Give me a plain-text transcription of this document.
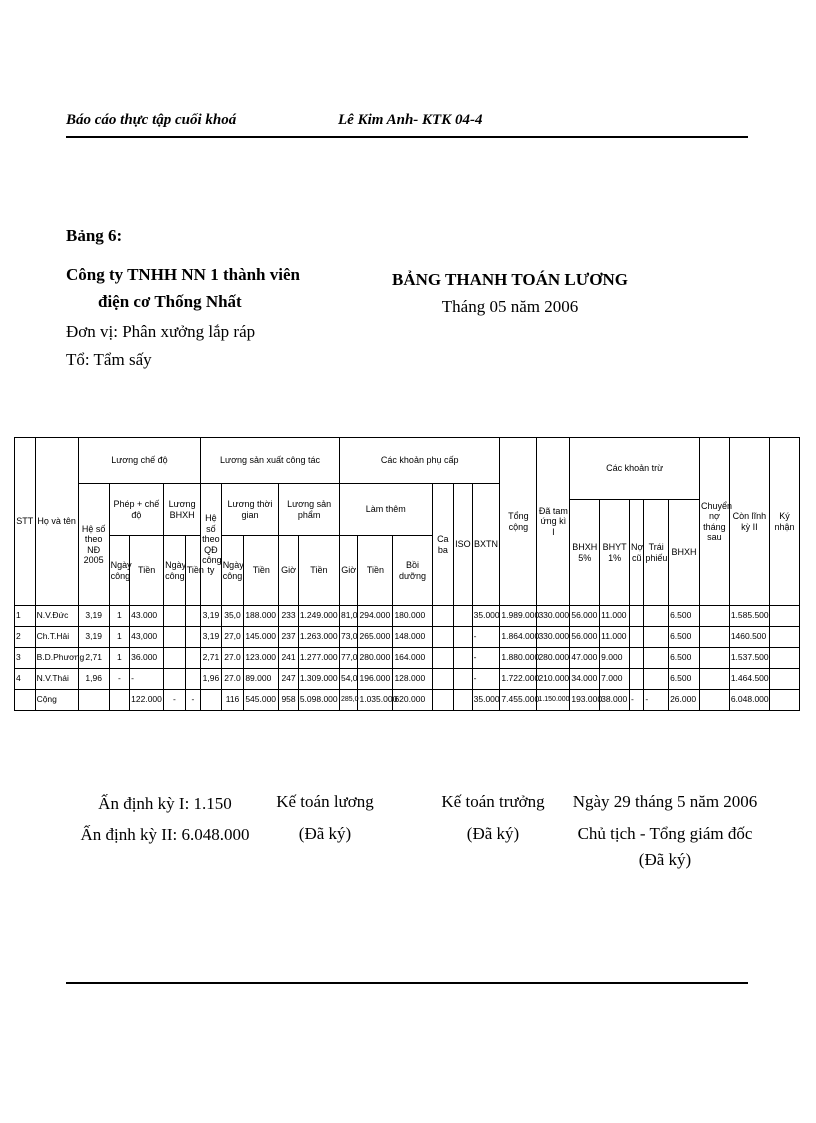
Báo cáo thực tập cuối khoá	Lê Kim Anh- KTK 04-4
Bảng 6:
Công ty TNHH NN 1 thành viên
điện cơ Thống Nhất
Đơn vị: Phân xưởng lắp ráp
Tổ: Tẩm sấy
BẢNG THANH TOÁN LƯƠNG
Tháng 05 năm 2006
STT	Họ và tên	Lương chế độ					Lương sản xuất công tác					Các khoản phụ cấp						Tổng cộng	Đã tam ứng kì I	Các khoản trừ					Chuyển nợ tháng sau	Còn lĩnh kỳ II	Ký nhận
		Hệ số theo NĐ 2005	Phép + chế độ		Lương BHXH		Hệ số theo QĐ công ty	Lương thời gian		Lương sản phẩm		Làm thêm			Ca ba	ISO	BXTN										
																				BHXH 5%	BHYT 1%	Nợ cũ	Trái phiếu	BHXH			
			Ngày công	Tiền	Ngày công	Tiền		Ngày công	Tiền	Giờ	Tiền	Giờ	Tiền	Bồi dưỡng													
1	N.V.Đức	3,19	1	43.000			3,19	35,0	188.000	233	1.249.000	81,0	294.000	180.000			35.000	1.989.000	330.000	56.000	11.000			6.500		1.585.500	
2	Ch.T.Hải	3,19	1	43,000			3,19	27,0	145.000	237	1.263.000	73,0	265.000	148.000			-	1.864.000	330.000	56.000	11.000			6.500		1460.500	
3	B.D.Phương	2,71	1	36.000			2,71	27.0	123.000	241	1.277.000	77,0	280.000	164.000			-	1.880.000	280.000	47.000	9.000			6.500		1.537.500	
4	N.V.Thái	1,96	-	-			1,96	27.0	89.000	247	1.309.000	54,0	196.000	128.000			-	1.722.000	210.000	34.000	7.000			6.500		1.464.500	
	Cộng			122.000	-	-		116	545.000	958	5.098.000	285,0	1.035.000	620.000			35.000	7.455.000	1.150.000	193.000	38.000	-	-	26.000		6.048.000	
Ấn định kỳ I: 1.150
Ấn định kỳ II: 6.048.000
Kế toán lương
(Đã ký)
Kế toán trưởng
(Đã ký)
Ngày 29 tháng 5 năm 2006
Chủ tịch - Tổng giám đốc
(Đã ký)
